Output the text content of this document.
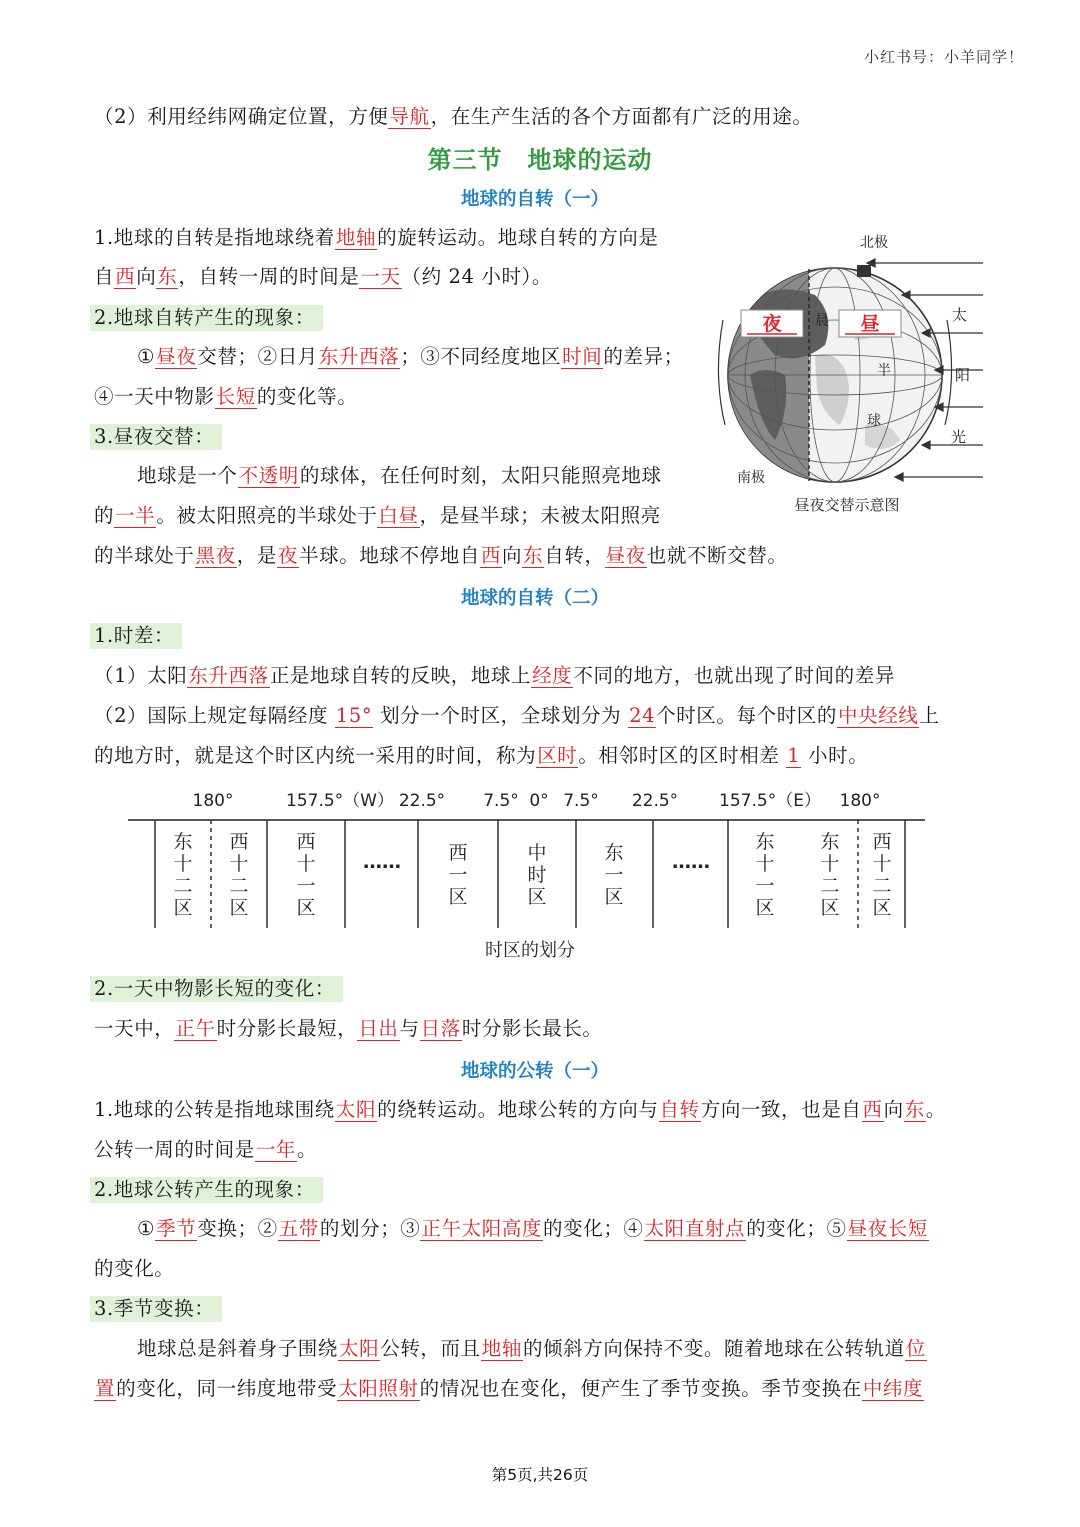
小红书号：小羊同学！
（2）利用经纬网确定位置，方便导航，在生产生活的各个方面都有广泛的用途。
第三节　地球的运动
地球的自转（一）
1.地球的自转是指地球绕着地轴的旋转运动。地球自转的方向是
自西向东，自转一周的时间是一天（约 24 小时）。
2.地球自转产生的现象：
①昼夜交替；②日月东升西落；③不同经度地区时间的差异；
④一天中物影长短的变化等。
3.昼夜交替：
地球是一个不透明的球体，在任何时刻，太阳只能照亮地球
的一半。被太阳照亮的半球处于白昼，是昼半球；未被太阳照亮
的半球处于黑夜，是夜半球。地球不停地自西向东自转，昼夜也就不断交替。
夜	昼
北极
南极
晨
半
球
太
阳
光
昼夜交替示意图
地球的自转（二）
1.时差：
（1）太阳东升西落正是地球自转的反映，地球上经度不同的地方，也就出现了时间的差异
（2）国际上规定每隔经度 15° 划分一个时区，全球划分为 24个时区。每个时区的中央经线上
的地方时，就是这个时区内统一采用的时间，称为区时。相邻时区的区时相差 1 小时。
180°	157.5°（W） 22.5° 7.5° 0° 7.5° 22.5° 157.5°（E） 180°
东十二区
西十二区
西十一区
…… 西一区
中时区
东一区
……
东十一区
东十二区
西十二区
时区的划分
2.一天中物影长短的变化：
一天中，正午时分影长最短，日出与日落时分影长最长。
地球的公转（一）
1.地球的公转是指地球围绕太阳的绕转运动。地球公转的方向与自转方向一致，也是自西向东。
公转一周的时间是一年。
2.地球公转产生的现象：
①季节变换；②五带的划分；③正午太阳高度的变化；④太阳直射点的变化；⑤昼夜长短
的变化。
3.季节变换：
地球总是斜着身子围绕太阳公转，而且地轴的倾斜方向保持不变。随着地球在公转轨道位
置的变化，同一纬度地带受太阳照射的情况也在变化，便产生了季节变换。季节变换在中纬度
第5页,共26页
